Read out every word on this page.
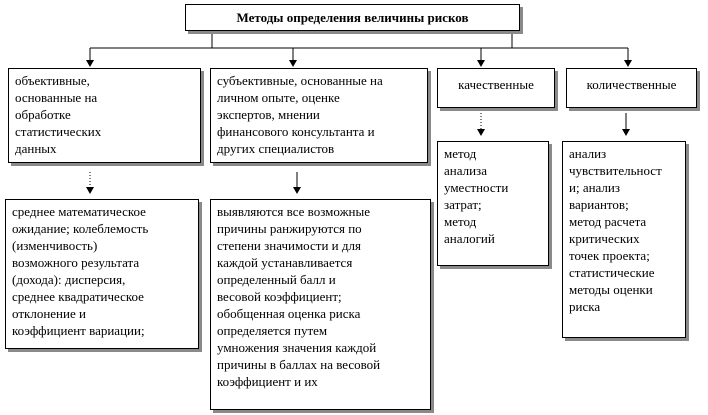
Методы определения величины рисков
объективные,
основанные на
обработке
статистических
данных
субъективные, основанные на
личном опыте, оценке
экспертов, мнении
финансового консультанта и
других специалистов
качественные	количественные
среднее математическое
ожидание; колеблемость
(изменчивость)
возможного результата
(дохода): дисперсия,
среднее квадратическое
отклонение и
коэффициент вариации;
выявляются все возможные
причины ранжируются по
степени значимости и для
каждой устанавливается
определенный балл и
весовой коэффициент;
обобщенная оценка риска
определяется путем
умножения значения каждой
причины в баллах на весовой
коэффициент и их
метод
анализа
уместности
затрат;
метод
аналогий
анализ
чувствительност
и; анализ
вариантов;
метод расчета
критических
точек проекта;
статистические
методы оценки
риска
